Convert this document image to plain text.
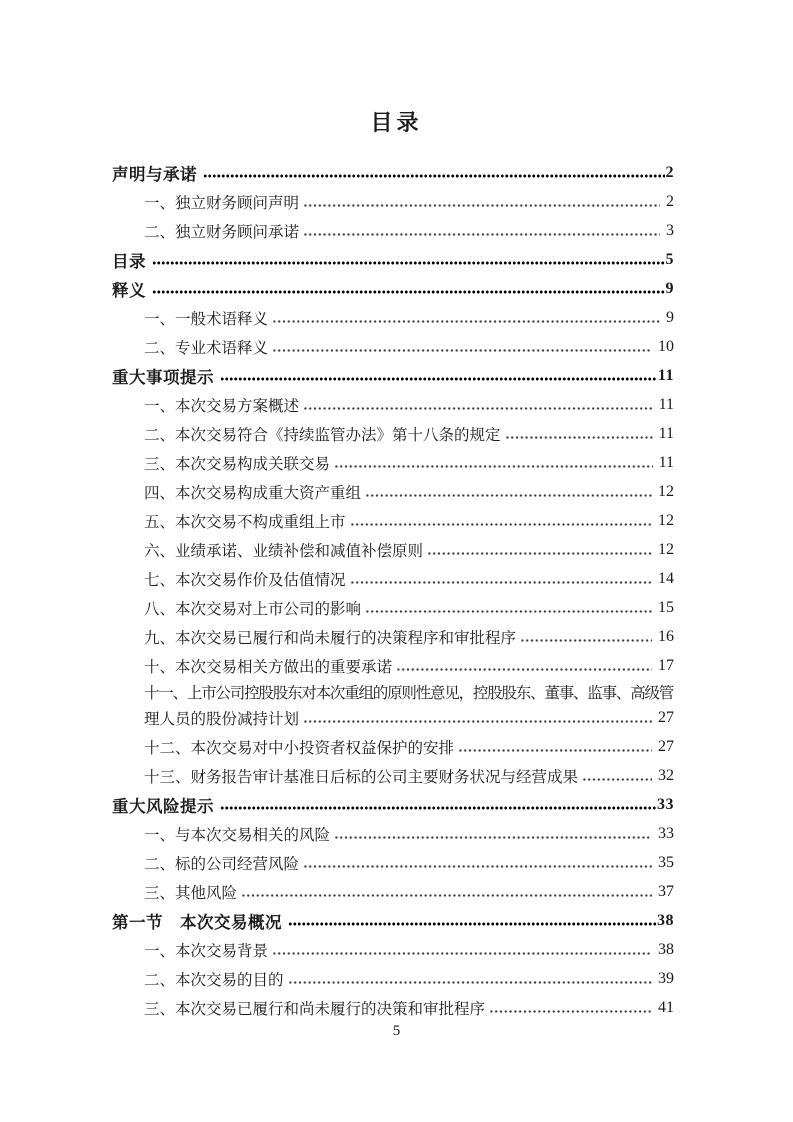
目录
声明与承诺	2
一、独立财务顾问声明	2
二、独立财务顾问承诺	3
目录	5
释义	9
一、一般术语释义	9
二、专业术语释义	10
重大事项提示	11
一、本次交易方案概述	11
二、本次交易符合《持续监管办法》第十八条的规定	11
三、本次交易构成关联交易	11
四、本次交易构成重大资产重组	12
五、本次交易不构成重组上市	12
六、业绩承诺、业绩补偿和减值补偿原则	12
七、本次交易作价及估值情况	14
八、本次交易对上市公司的影响	15
九、本次交易已履行和尚未履行的决策程序和审批程序	16
十、本次交易相关方做出的重要承诺	17
十一、上市公司控股股东对本次重组的原则性意见，控股股东、董事、监事、高级管
理人员的股份减持计划	27
十二、本次交易对中小投资者权益保护的安排	27
十三、财务报告审计基准日后标的公司主要财务状况与经营成果	32
重大风险提示	33
一、与本次交易相关的风险	33
二、标的公司经营风险	35
三、其他风险	37
第一节　本次交易概况	38
一、本次交易背景	38
二、本次交易的目的	39
三、本次交易已履行和尚未履行的决策和审批程序	41
5
